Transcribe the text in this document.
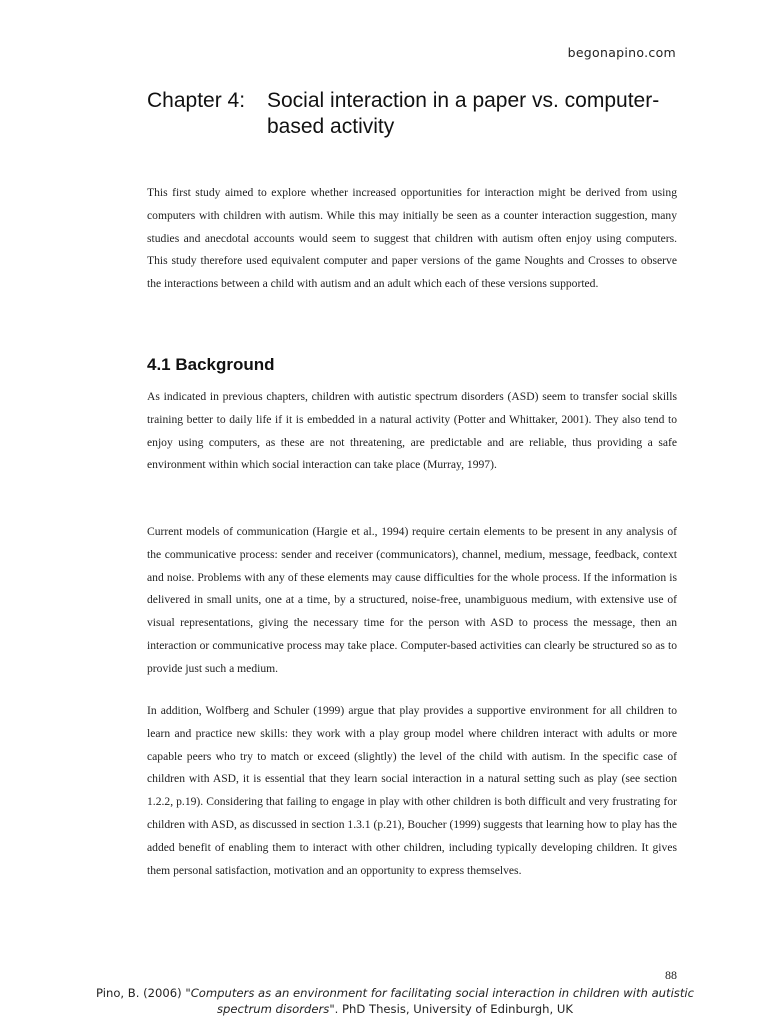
begonapino.com
Chapter 4:	Social interaction in a paper vs. computer- based activity

This first study aimed to explore whether increased opportunities for interaction might be derived from using computers with children with autism. While this may initially be seen as a counter interaction suggestion, many studies and anecdotal accounts would seem to suggest that children with autism often enjoy using computers. This study therefore used equivalent computer and paper versions of the game Noughts and Crosses to observe the interactions between a child with autism and an adult which each of these versions supported.

4.1 Background

As indicated in previous chapters, children with autistic spectrum disorders (ASD) seem to transfer social skills training better to daily life if it is embedded in a natural activity (Potter and Whittaker, 2001). They also tend to enjoy using computers, as these are not threatening, are predictable and are reliable, thus providing a safe environment within which social interaction can take place (Murray, 1997).

Current models of communication (Hargie et al., 1994) require certain elements to be present in any analysis of the communicative process: sender and receiver (communicators), channel, medium, message, feedback, context and noise. Problems with any of these elements may cause difficulties for the whole process. If the information is delivered in small units, one at a time, by a structured, noise-free, unambiguous medium, with extensive use of visual representations, giving the necessary time for the person with ASD to process the message, then an interaction or communicative process may take place. Computer-based activities can clearly be structured so as to provide just such a medium.

In addition, Wolfberg and Schuler (1999) argue that play provides a supportive environment for all children to learn and practice new skills: they work with a play group model where children interact with adults or more capable peers who try to match or exceed (slightly) the level of the child with autism. In the specific case of children with ASD, it is essential that they learn social interaction in a natural setting such as play (see section 1.2.2, p.19). Considering that failing to engage in play with other children is both difficult and very frustrating for children with ASD, as discussed in section 1.3.1 (p.21), Boucher (1999) suggests that learning how to play has the added benefit of enabling them to interact with other children, including typically developing children. It gives them personal satisfaction, motivation and an opportunity to express themselves.

88
Pino, B. (2006) "Computers as an environment for facilitating social interaction in children with autistic spectrum disorders". PhD Thesis, University of Edinburgh, UK
